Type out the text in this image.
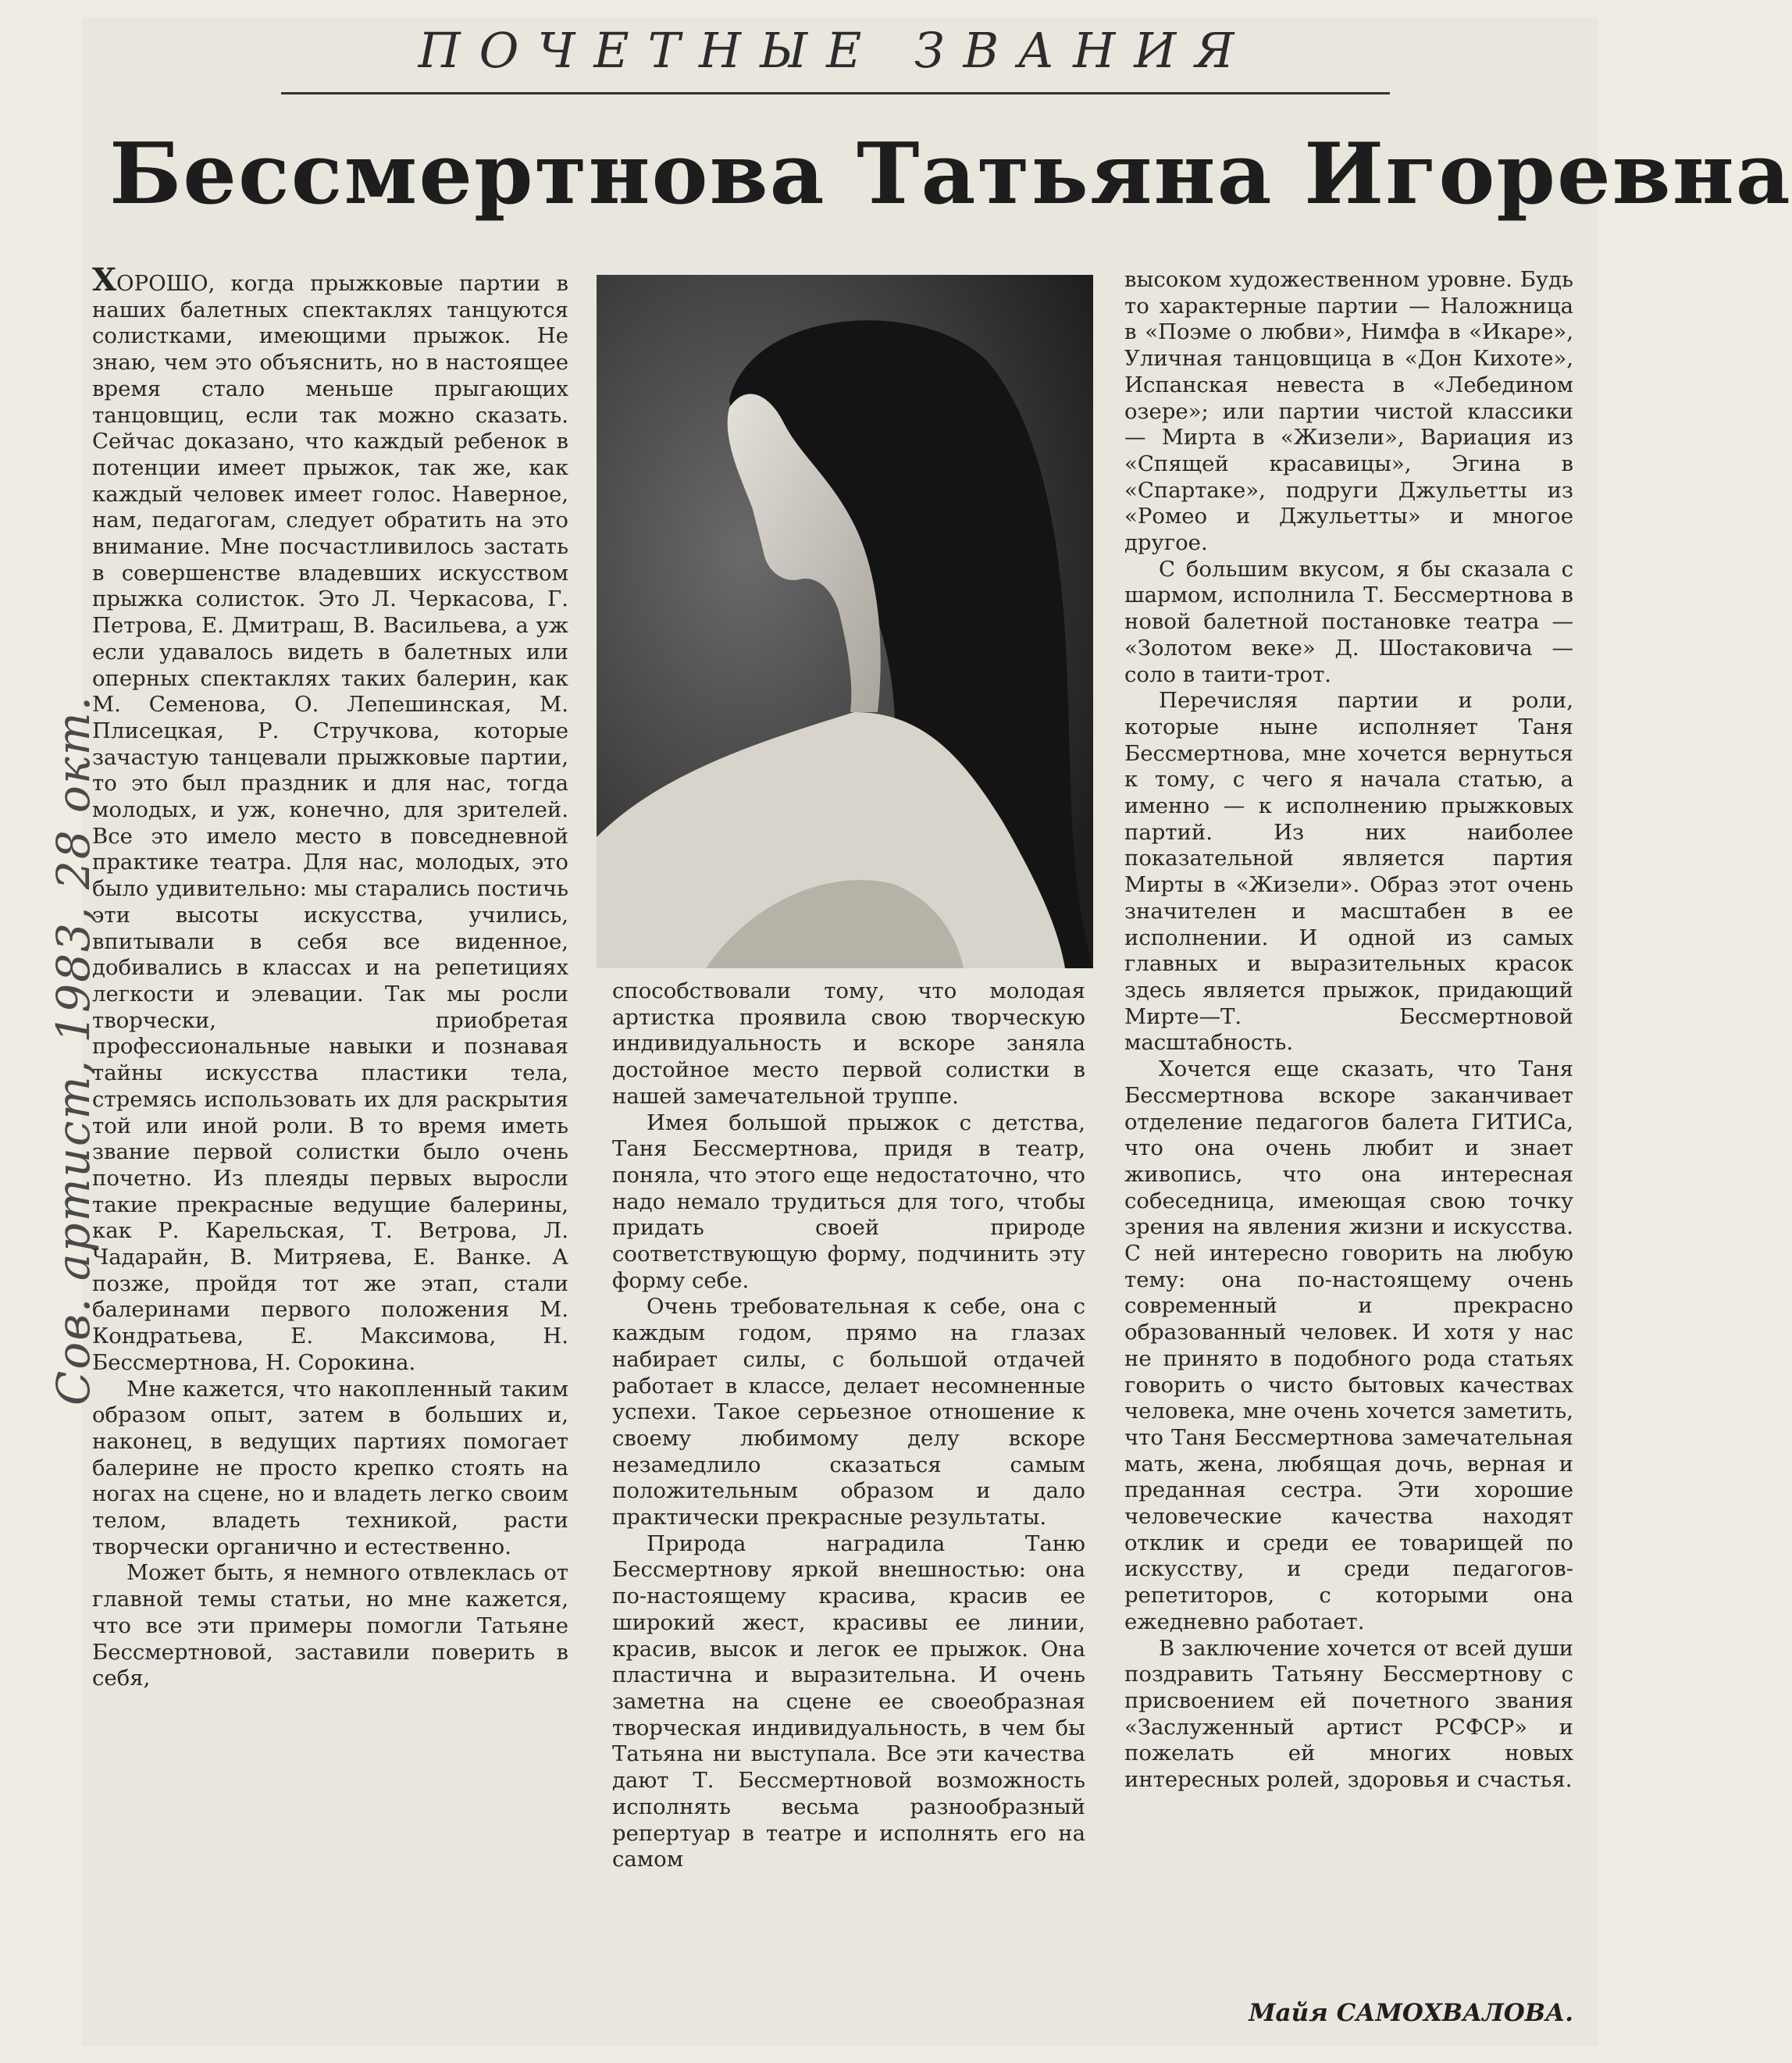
Сов. артист, 1983, 28 окт.
ПОЧЕТНЫЕ ЗВАНИЯ
Бессмертнова Татьяна Игоревна

ХОРОШО, когда прыжковые партии в наших балетных спектаклях танцуются солистками, имеющими прыжок. Не знаю, чем это объяснить, но в настоящее время стало меньше прыгающих танцовщиц, если так можно сказать. Сейчас доказано, что каждый ребенок в потенции имеет прыжок, так же, как каждый человек имеет голос. Наверное, нам, педагогам, следует обратить на это внимание. Мне посчастливилось застать в совершенстве владевших искусством прыжка солисток. Это Л. Черкасова, Г. Петрова, Е. Дмитраш, В. Васильева, а уж если удавалось видеть в балетных или оперных спектаклях таких балерин, как М. Семенова, О. Лепешинская, М. Плисецкая, Р. Стручкова, которые зачастую танцевали прыжковые партии, то это был праздник и для нас, тогда молодых, и уж, конечно, для зрителей. Все это имело место в повседневной практике театра. Для нас, молодых, это было удивительно: мы старались постичь эти высоты искусства, учились, впитывали в себя все виденное, добивались в классах и на репетициях легкости и элевации. Так мы росли творчески, приобретая профессиональные навыки и познавая тайны искусства пластики тела, стремясь использовать их для раскрытия той или иной роли. В то время иметь звание первой солистки было очень почетно. Из плеяды первых выросли такие прекрасные ведущие балерины, как Р. Карельская, Т. Ветрова, Л. Чадарайн, В. Митряева, Е. Ванке. А позже, пройдя тот же этап, стали балеринами первого положения М. Кондратьева, Е. Максимова, Н. Бессмертнова, Н. Сорокина.

Мне кажется, что накопленный таким образом опыт, затем в больших и, наконец, в ведущих партиях помогает балерине не просто крепко стоять на ногах на сцене, но и владеть легко своим телом, владеть техникой, расти творчески органично и естественно.

Может быть, я немного отвлеклась от главной темы статьи, но мне кажется, что все эти примеры помогли Татьяне Бессмертновой, заставили поверить в себя,

способствовали тому, что молодая артистка проявила свою творческую индивидуальность и вскоре заняла достойное место первой солистки в нашей замечательной труппе.

Имея большой прыжок с детства, Таня Бессмертнова, придя в театр, поняла, что этого еще недостаточно, что надо немало трудиться для того, чтобы придать своей природе соответствующую форму, подчинить эту форму себе.

Очень требовательная к себе, она с каждым годом, прямо на глазах набирает силы, с большой отдачей работает в классе, делает несомненные успехи. Такое серьезное отношение к своему любимому делу вскоре незамедлило сказаться самым положительным образом и дало практически прекрасные результаты.

Природа наградила Таню Бессмертнову яркой внешностью: она по-настоящему красива, красив ее широкий жест, красивы ее линии, красив, высок и легок ее прыжок. Она пластична и выразительна. И очень заметна на сцене ее своеобразная творческая индивидуальность, в чем бы Татьяна ни выступала. Все эти качества дают Т. Бессмертновой возможность исполнять весьма разнообразный репертуар в театре и исполнять его на самом

высоком художественном уровне. Будь то характерные партии — Наложница в «Поэме о любви», Нимфа в «Икаре», Уличная танцовщица в «Дон Кихоте», Испанская невеста в «Лебедином озере»; или партии чистой классики — Мирта в «Жизели», Вариация из «Спящей красавицы», Эгина в «Спартаке», подруги Джульетты из «Ромео и Джульетты» и многое другое.

С большим вкусом, я бы сказала с шармом, исполнила Т. Бессмертнова в новой балетной постановке театра — «Золотом веке» Д. Шостаковича — соло в таити-трот.

Перечисляя партии и роли, которые ныне исполняет Таня Бессмертнова, мне хочется вернуться к тому, с чего я начала статью, а именно — к исполнению прыжковых партий. Из них наиболее показательной является партия Мирты в «Жизели». Образ этот очень значителен и масштабен в ее исполнении. И одной из самых главных и выразительных красок здесь является прыжок, придающий Мирте—Т. Бессмертновой масштабность.

Хочется еще сказать, что Таня Бессмертнова вскоре заканчивает отделение педагогов балета ГИТИСа, что она очень любит и знает живопись, что она интересная собеседница, имеющая свою точку зрения на явления жизни и искусства. С ней интересно говорить на любую тему: она по-настоящему очень современный и прекрасно образованный человек. И хотя у нас не принято в подобного рода статьях говорить о чисто бытовых качествах человека, мне очень хочется заметить, что Таня Бессмертнова замечательная мать, жена, любящая дочь, верная и преданная сестра. Эти хорошие человеческие качества находят отклик и среди ее товарищей по искусству, и среди педагогов-репетиторов, с которыми она ежедневно работает.

В заключение хочется от всей души поздравить Татьяну Бессмертнову с присвоением ей почетного звания «Заслуженный артист РСФСР» и пожелать ей многих новых интересных ролей, здоровья и счастья.

Майя САМОХВАЛОВА.
